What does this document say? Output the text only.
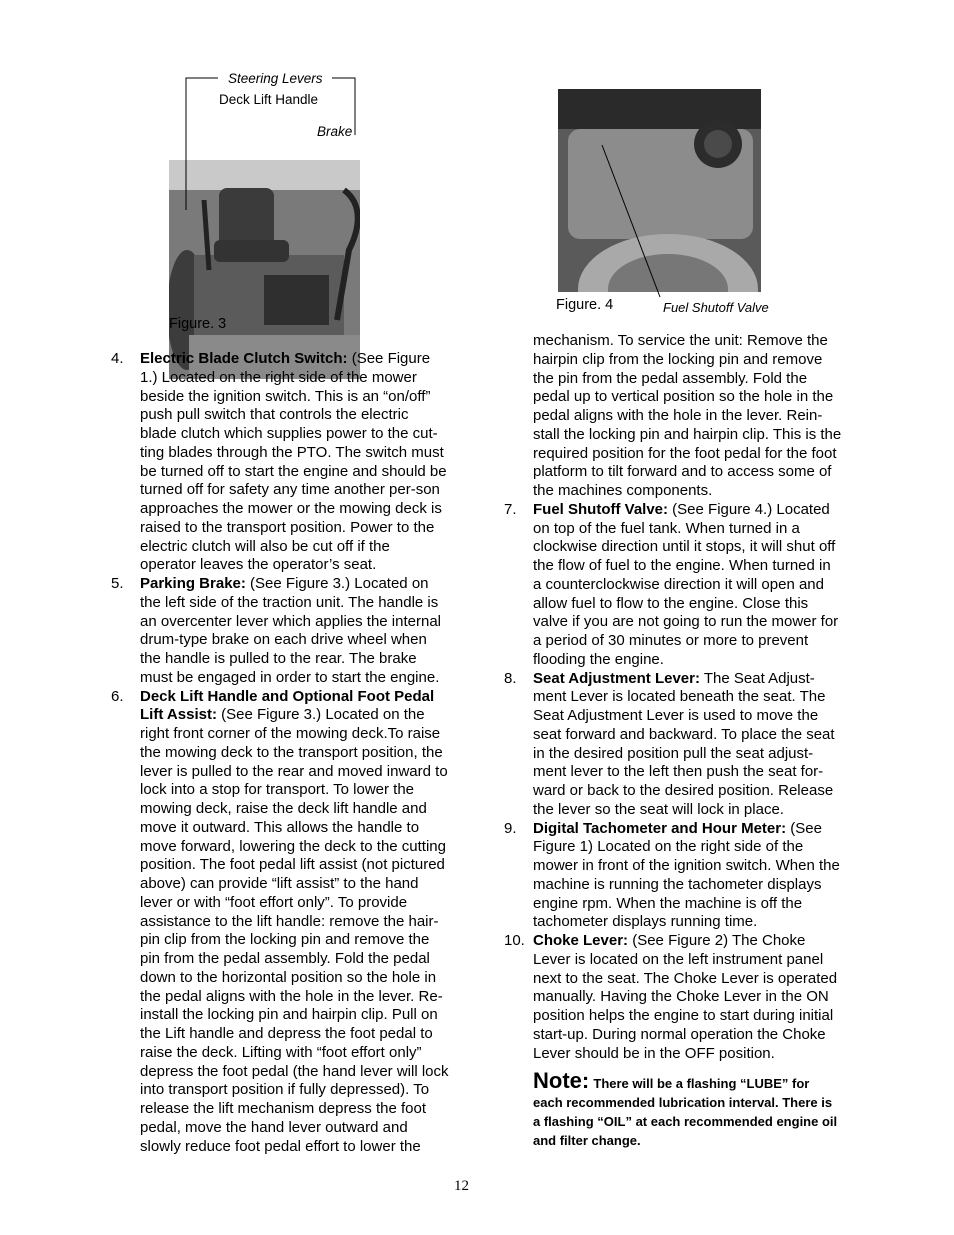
Steering Levers
Deck Lift Handle
Brake
Figure. 3
Figure. 4	Fuel Shutoff Valve
4. Electric Blade Clutch Switch: (See Figure 1.) Located on the right side of the mower beside the ignition switch. This is an “on/off” push pull switch that controls the electric blade clutch which supplies power to the cut-ting blades through the PTO. The switch must be turned off to start the engine and should be turned off for safety any time another per-son approaches the mower or the mowing deck is raised to the transport position. Power to the electric clutch will also be cut off if the operator leaves the operator’s seat.
5. Parking Brake: (See Figure 3.) Located on the left side of the traction unit. The handle is an overcenter lever which applies the internal drum-type brake on each drive wheel when the handle is pulled to the rear. The brake must be engaged in order to start the engine.
6. Deck Lift Handle and Optional Foot Pedal Lift Assist: (See Figure 3.) Located on the right front corner of the mowing deck.To raise the mowing deck to the transport position, the lever is pulled to the rear and moved inward to lock into a stop for transport. To lower the mowing deck, raise the deck lift handle and move it outward. This allows the handle to move forward, lowering the deck to the cutting position. The foot pedal lift assist (not pictured above) can provide “lift assist” to the hand lever or with “foot effort only”. To provide assistance to the lift handle: remove the hair-pin clip from the locking pin and remove the pin from the pedal assembly. Fold the pedal down to the horizontal position so the hole in the pedal aligns with the hole in the lever. Re-install the locking pin and hairpin clip. Pull on the Lift handle and depress the foot pedal to raise the deck. Lifting with “foot effort only” depress the foot pedal (the hand lever will lock into transport position if fully depressed). To release the lift mechanism depress the foot pedal, move the hand lever outward and slowly reduce foot pedal effort to lower the
mechanism. To service the unit: Remove the hairpin clip from the locking pin and remove the pin from the pedal assembly. Fold the pedal up to vertical position so the hole in the pedal aligns with the hole in the lever. Rein-stall the locking pin and hairpin clip. This is the required position for the foot pedal for the foot platform to tilt forward and to access some of the machines components.
7. Fuel Shutoff Valve: (See Figure 4.) Located on top of the fuel tank. When turned in a clockwise direction until it stops, it will shut off the flow of fuel to the engine. When turned in a counterclockwise direction it will open and allow fuel to flow to the engine. Close this valve if you are not going to run the mower for a period of 30 minutes or more to prevent flooding the engine.
8. Seat Adjustment Lever: The Seat Adjust-ment Lever is located beneath the seat. The Seat Adjustment Lever is used to move the seat forward and backward. To place the seat in the desired position pull the seat adjust-ment lever to the left then push the seat for-ward or back to the desired position. Release the lever so the seat will lock in place.
9. Digital Tachometer and Hour Meter: (See Figure 1) Located on the right side of the mower in front of the ignition switch. When the machine is running the tachometer displays engine rpm. When the machine is off the tachometer displays running time.
10. Choke Lever: (See Figure 2) The Choke Lever is located on the left instrument panel next to the seat. The Choke Lever is operated manually. Having the Choke Lever in the ON position helps the engine to start during initial start-up. During normal operation the Choke Lever should be in the OFF position.
Note: There will be a flashing “LUBE” for each recommended lubrication interval. There is a flashing “OIL” at each recommended engine oil and filter change.
12
